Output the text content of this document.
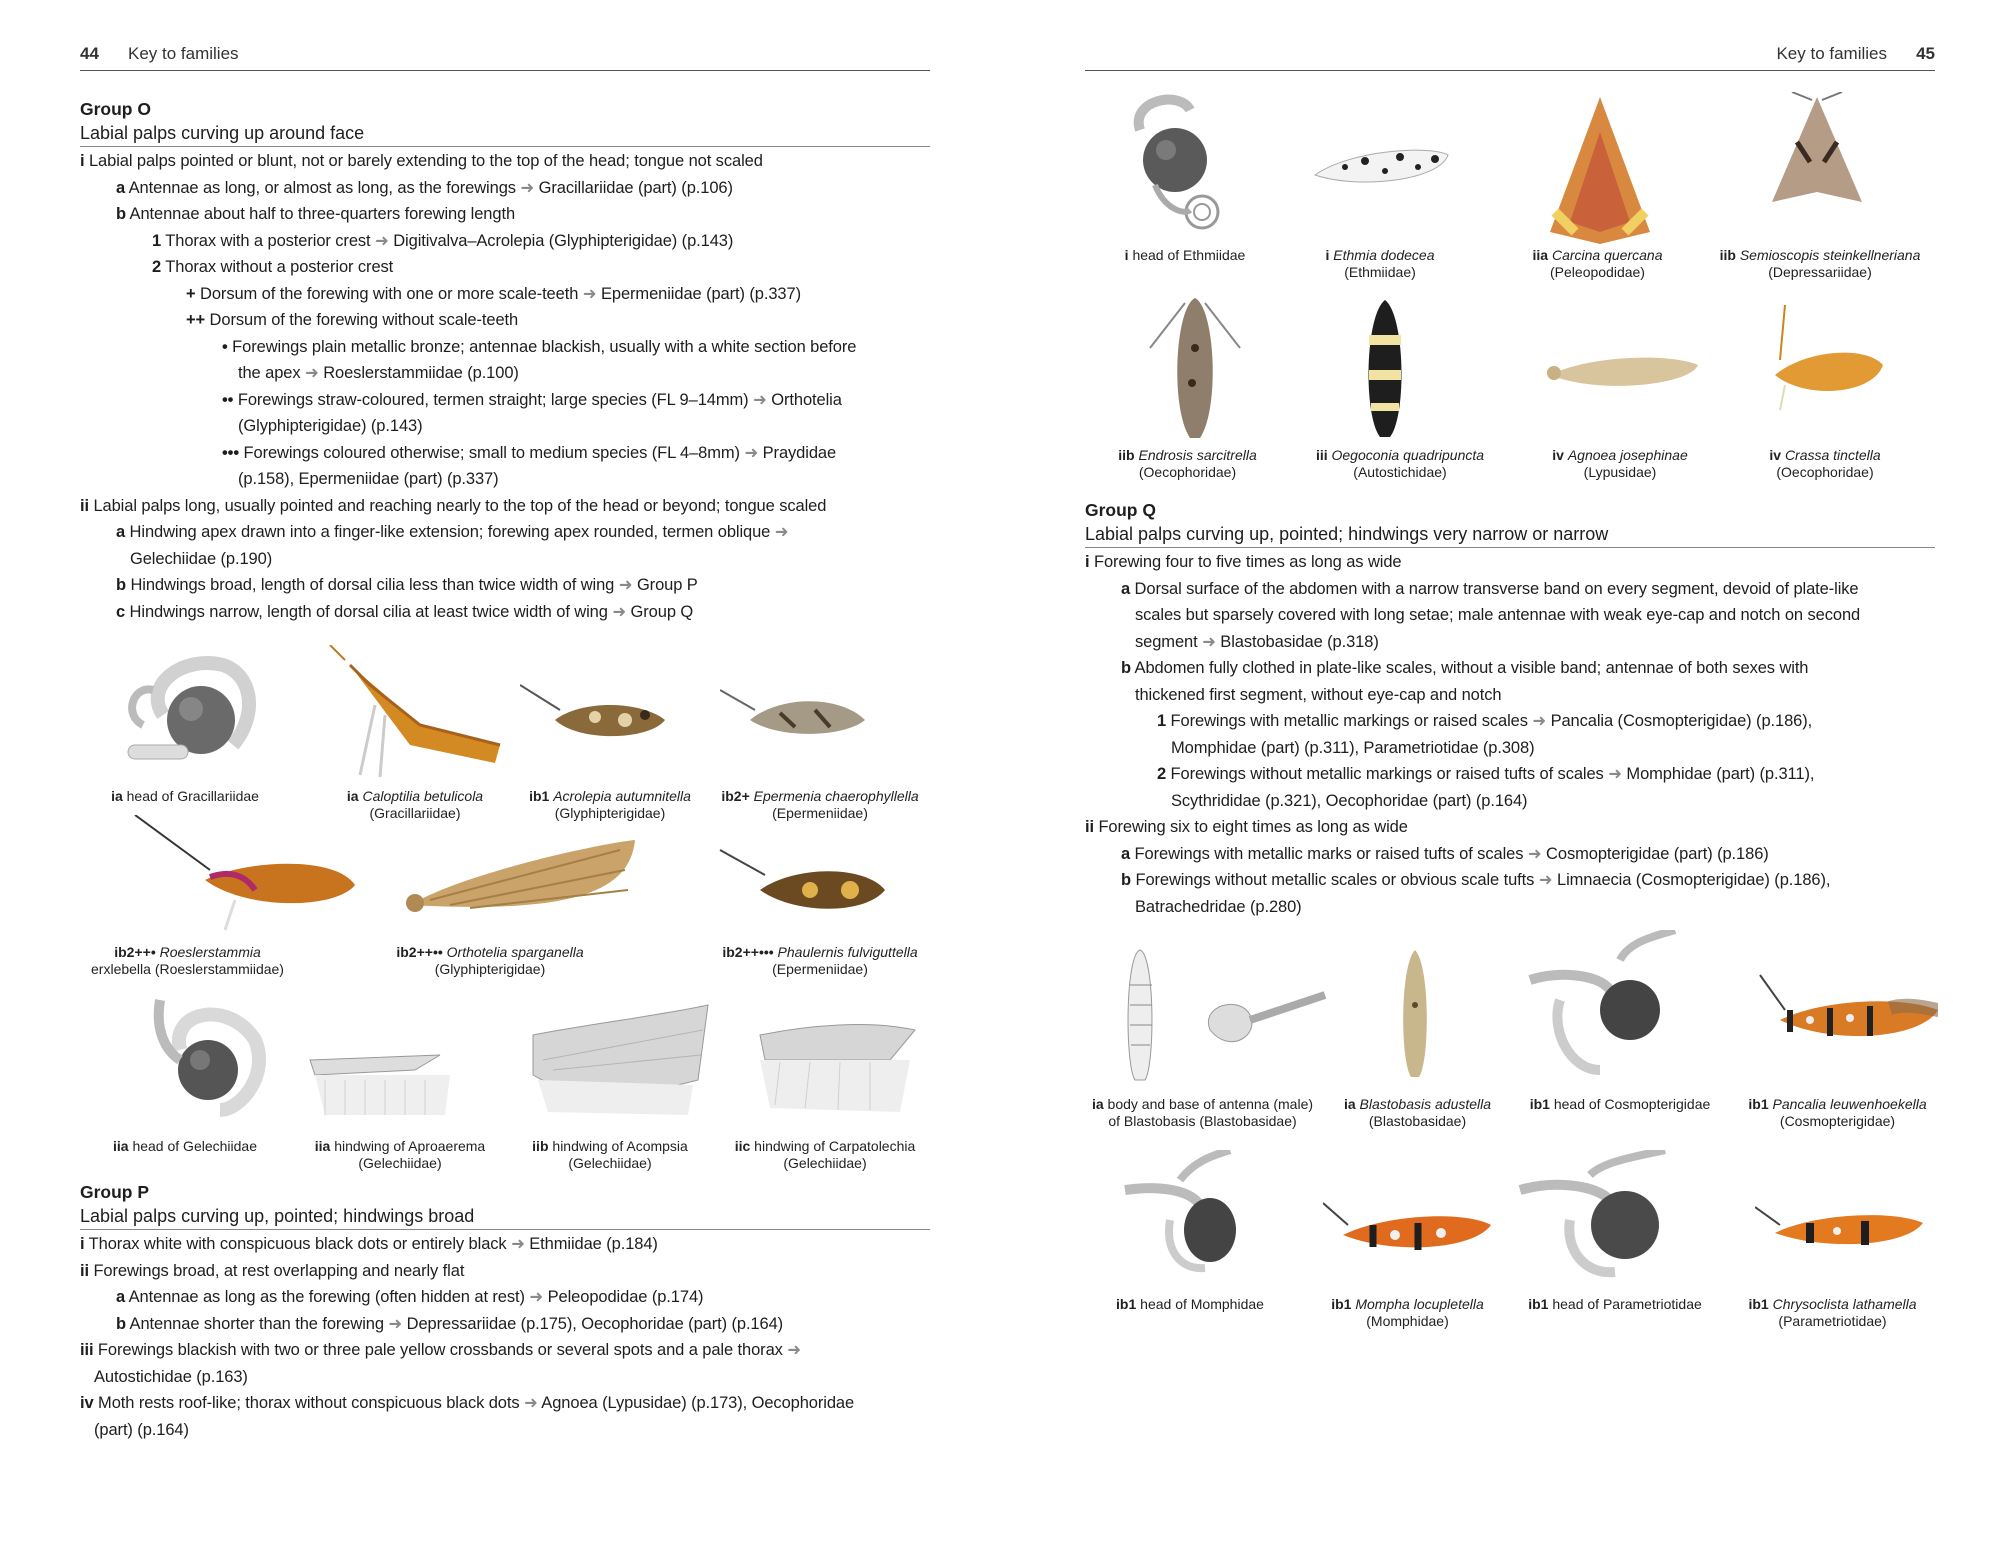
44 Key to families
Group O
Labial palps curving up around face
i Labial palps pointed or blunt, not or barely extending to the top of the head; tongue not scaled
a Antennae as long, or almost as long, as the forewings ➜ Gracillariidae (part) (p.106)
b Antennae about half to three-quarters forewing length
1 Thorax with a posterior crest ➜ Digitivalva–Acrolepia (Glyphipterigidae) (p.143)
2 Thorax without a posterior crest
+ Dorsum of the forewing with one or more scale-teeth ➜ Epermeniidae (part) (p.337)
++ Dorsum of the forewing without scale-teeth
• Forewings plain metallic bronze; antennae blackish, usually with a white section before
the apex ➜ Roeslerstammiidae (p.100)
•• Forewings straw-coloured, termen straight; large species (FL 9–14mm) ➜ Orthotelia
(Glyphipterigidae) (p.143)
••• Forewings coloured otherwise; small to medium species (FL 4–8mm) ➜ Praydidae
(p.158), Epermeniidae (part) (p.337)
ii Labial palps long, usually pointed and reaching nearly to the top of the head or beyond; tongue scaled
a Hindwing apex drawn into a finger-like extension; forewing apex rounded, termen oblique ➜
Gelechiidae (p.190)
b Hindwings broad, length of dorsal cilia less than twice width of wing ➜ Group P
c Hindwings narrow, length of dorsal cilia at least twice width of wing ➜ Group Q
ia head of Gracillariidae	ia Caloptilia betulicola
(Gracillariidae)
ib1 Acrolepia autumnitella
(Glyphipterigidae)
ib2+ Epermenia chaerophyllella
(Epermeniidae)
ib2++• Roeslerstammia
erxlebella (Roeslerstammiidae)
ib2++•• Orthotelia sparganella
(Glyphipterigidae)
ib2++••• Phaulernis fulviguttella
(Epermeniidae)
iia head of Gelechiidae	iia hindwing of Aproaerema
(Gelechiidae)
iib hindwing of Acompsia
(Gelechiidae)
iic hindwing of Carpatolechia
(Gelechiidae)
Group P
Labial palps curving up, pointed; hindwings broad
i Thorax white with conspicuous black dots or entirely black ➜ Ethmiidae (p.184)
ii Forewings broad, at rest overlapping and nearly flat
a Antennae as long as the forewing (often hidden at rest) ➜ Peleopodidae (p.174)
b Antennae shorter than the forewing ➜ Depressariidae (p.175), Oecophoridae (part) (p.164)
iii Forewings blackish with two or three pale yellow crossbands or several spots and a pale thorax ➜
Autostichidae (p.163)
iv Moth rests roof-like; thorax without conspicuous black dots ➜ Agnoea (Lypusidae) (p.173), Oecophoridae
(part) (p.164)
Key to families 45
i head of Ethmiidae	i Ethmia dodecea
(Ethmiidae)
iia Carcina quercana
(Peleopodidae)
iib Semioscopis steinkellneriana
(Depressariidae)
iib Endrosis sarcitrella
(Oecophoridae)
iii Oegoconia quadripuncta
(Autostichidae)
iv Agnoea josephinae
(Lypusidae)
iv Crassa tinctella
(Oecophoridae)
Group Q
Labial palps curving up, pointed; hindwings very narrow or narrow
i Forewing four to five times as long as wide
a Dorsal surface of the abdomen with a narrow transverse band on every segment, devoid of plate-like
scales but sparsely covered with long setae; male antennae with weak eye-cap and notch on second
segment ➜ Blastobasidae (p.318)
b Abdomen fully clothed in plate-like scales, without a visible band; antennae of both sexes with
thickened first segment, without eye-cap and notch
1 Forewings with metallic markings or raised scales ➜ Pancalia (Cosmopterigidae) (p.186),
Momphidae (part) (p.311), Parametriotidae (p.308)
2 Forewings without metallic markings or raised tufts of scales ➜ Momphidae (part) (p.311),
Scythrididae (p.321), Oecophoridae (part) (p.164)
ii Forewing six to eight times as long as wide
a Forewings with metallic marks or raised tufts of scales ➜ Cosmopterigidae (part) (p.186)
b Forewings without metallic scales or obvious scale tufts ➜ Limnaecia (Cosmopterigidae) (p.186),
Batrachedridae (p.280)
ia body and base of antenna (male)
of Blastobasis (Blastobasidae)
ia Blastobasis adustella
(Blastobasidae)
ib1 head of Cosmopterigidae	ib1 Pancalia leuwenhoekella
(Cosmopterigidae)
ib1 head of Momphidae	ib1 Mompha locupletella
(Momphidae)
ib1 head of Parametriotidae	ib1 Chrysoclista lathamella
(Parametriotidae)
